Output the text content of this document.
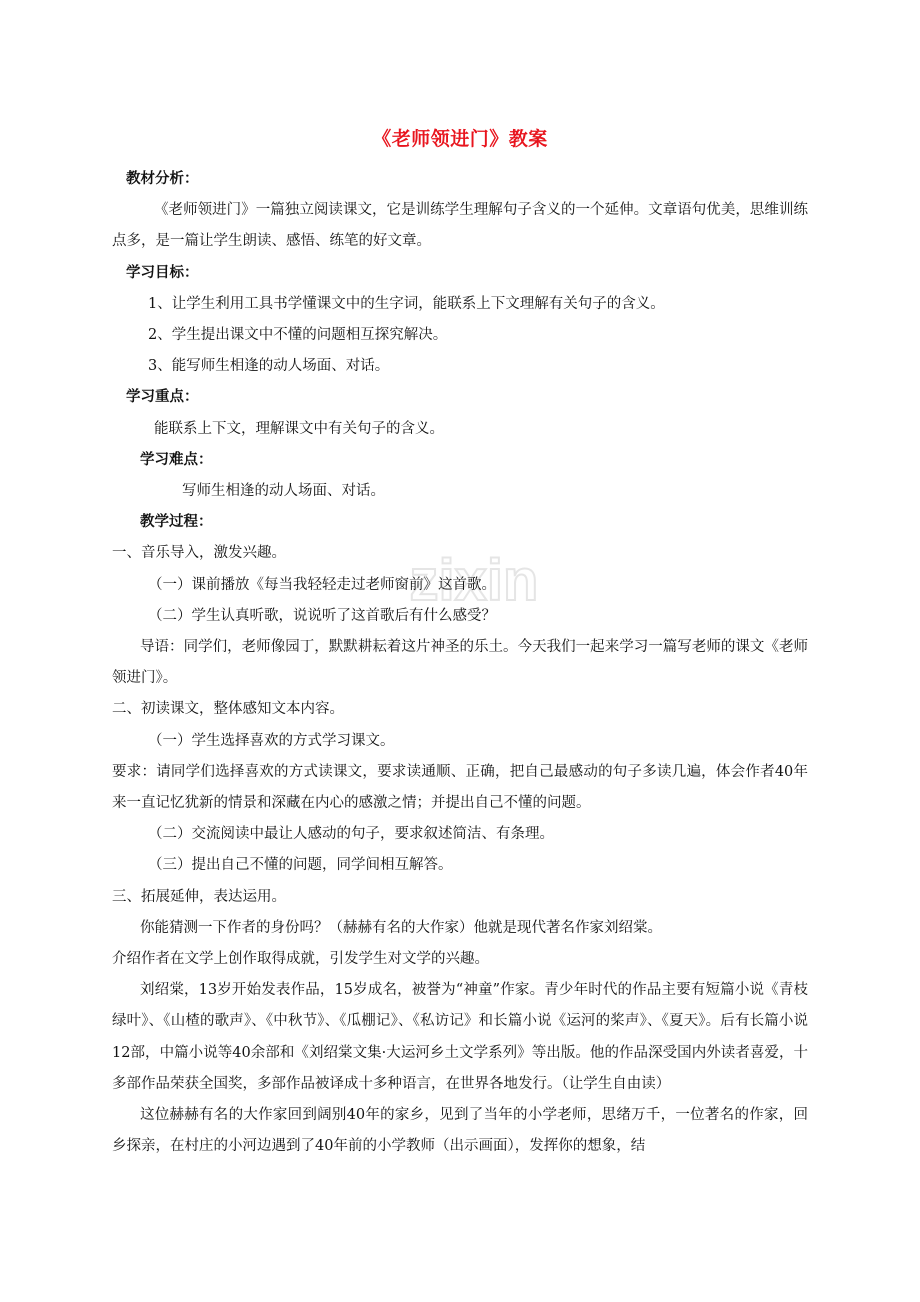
《老师领进门》教案
zixin

教材分析：

《老师领进门》一篇独立阅读课文，它是训练学生理解句子含义的一个延伸。文章语句优美，思维训练点多，是一篇让学生朗读、感悟、练笔的好文章。

学习目标：

1、让学生利用工具书学懂课文中的生字词，能联系上下文理解有关句子的含义。

2、学生提出课文中不懂的问题相互探究解决。

3、能写师生相逢的动人场面、对话。

学习重点：

能联系上下文，理解课文中有关句子的含义。

学习难点：

写师生相逢的动人场面、对话。

教学过程：

一、音乐导入，激发兴趣。

（一）课前播放《每当我轻轻走过老师窗前》这首歌。

（二）学生认真听歌，说说听了这首歌后有什么感受？

导语：同学们，老师像园丁，默默耕耘着这片神圣的乐土。今天我们一起来学习一篇写老师的课文《老师领进门》。

二、初读课文，整体感知文本内容。

（一）学生选择喜欢的方式学习课文。

要求：请同学们选择喜欢的方式读课文，要求读通顺、正确，把自己最感动的句子多读几遍，体会作者40年来一直记忆犹新的情景和深藏在内心的感激之情；并提出自己不懂的问题。

（二）交流阅读中最让人感动的句子，要求叙述简洁、有条理。

（三）提出自己不懂的问题，同学间相互解答。

三、拓展延伸，表达运用。

你能猜测一下作者的身份吗？（赫赫有名的大作家）他就是现代著名作家刘绍棠。

介绍作者在文学上创作取得成就，引发学生对文学的兴趣。

刘绍棠，13岁开始发表作品，15岁成名，被誉为“神童”作家。青少年时代的作品主要有短篇小说《青枝绿叶》、《山楂的歌声》、《中秋节》、《瓜棚记》、《私访记》和长篇小说《运河的桨声》、《夏天》。后有长篇小说12部，中篇小说等40余部和《刘绍棠文集·大运河乡土文学系列》等出版。他的作品深受国内外读者喜爱，十多部作品荣获全国奖，多部作品被译成十多种语言，在世界各地发行。（让学生自由读）

这位赫赫有名的大作家回到阔别40年的家乡，见到了当年的小学老师，思绪万千，一位著名的作家，回乡探亲，在村庄的小河边遇到了40年前的小学教师（出示画面），发挥你的想象，结
